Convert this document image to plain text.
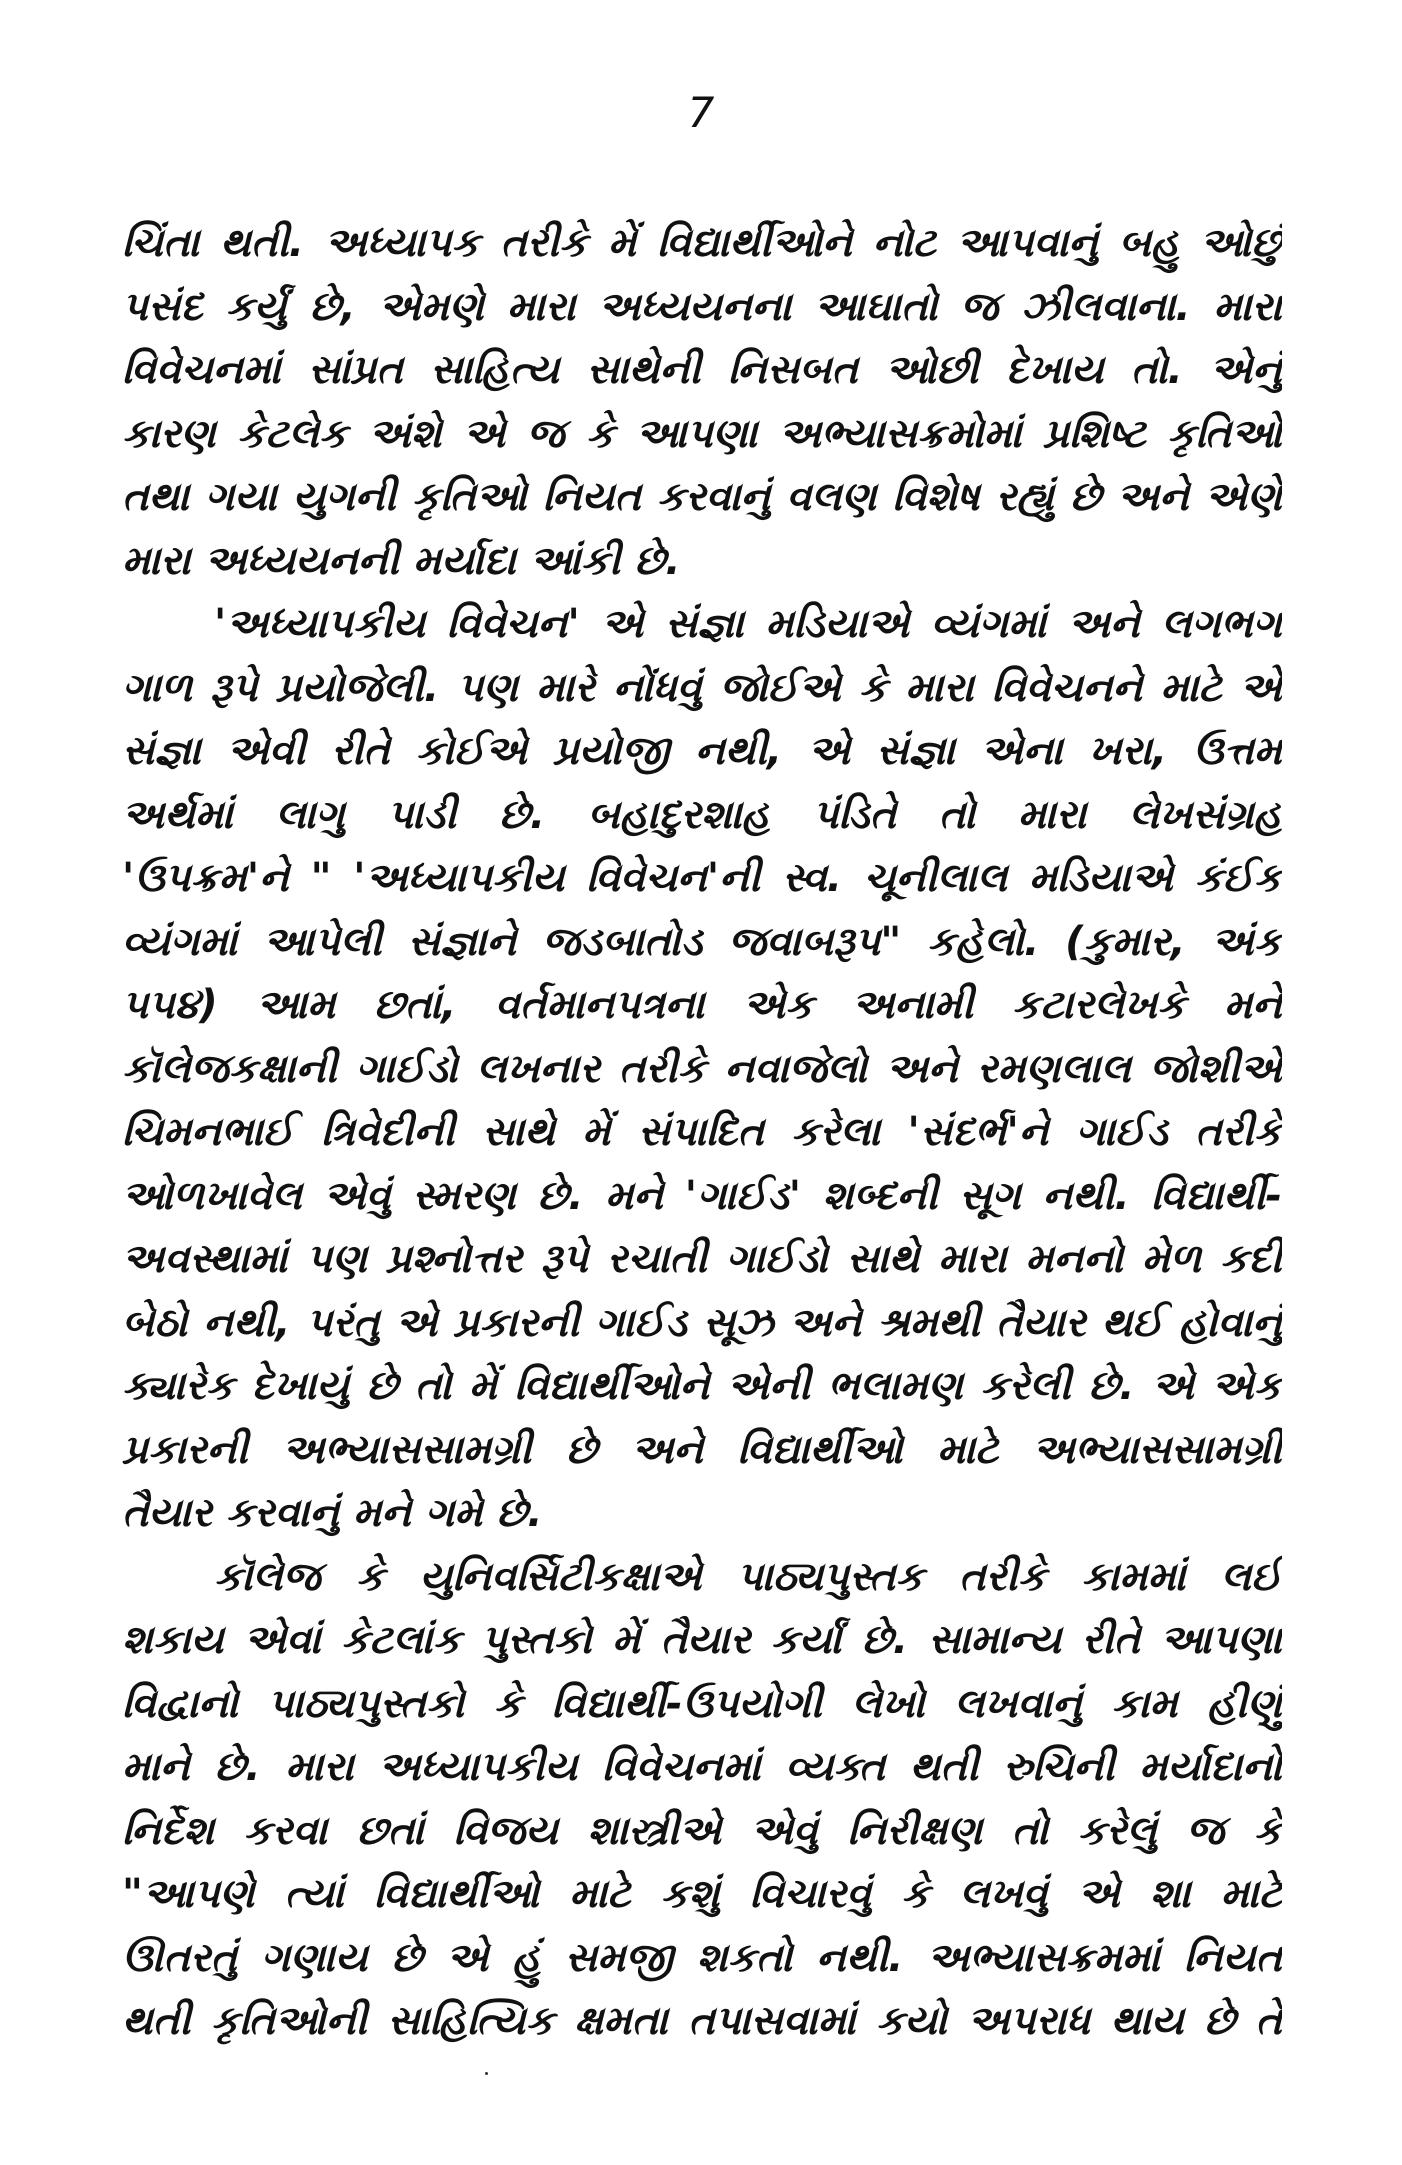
7
ચિંતા થતી. અધ્યાપક તરીકે મેં વિદ્યાર્થીઓને નોટ આપવાનું બહુ ઓછું
પસંદ કર્યું છે, એમણે મારા અધ્યયનના આઘાતો જ ઝીલવાના. મારા
વિવેચનમાં સાંપ્રત સાહિત્ય સાથેની નિસબત ઓછી દેખાય તો. એનું
કારણ કેટલેક અંશે એ જ કે આપણા અભ્યાસક્રમોમાં પ્રશિષ્ટ કૃતિઓ
તથા ગયા યુગની કૃતિઓ નિયત કરવાનું વલણ વિશેષ રહ્યું છે અને એણે
મારા અધ્યયનની મર્યાદા આંકી છે.
'અધ્યાપકીય વિવેચન' એ સંજ્ઞા મડિયાએ વ્યંગમાં અને લગભગ
ગાળ રૂપે પ્રયોજેલી. પણ મારે નોંધવું જોઈએ કે મારા વિવેચનને માટે એ
સંજ્ઞા એવી રીતે કોઈએ પ્રયોજી નથી, એ સંજ્ઞા એના ખરા, ઉત્તમ
અર્થમાં લાગુ પાડી છે. બહાદુરશાહ પંડિતે તો મારા લેખસંગ્રહ
'ઉપક્રમ'ને " 'અધ્યાપકીય વિવેચન'ની સ્વ. ચૂનીલાલ મડિયાએ કંઈક
વ્યંગમાં આપેલી સંજ્ઞાને જડબાતોડ જવાબરૂપ" કહેલો. (કુમાર, અંક
૫૫૪) આમ છતાં, વર્તમાનપત્રના એક અનામી કટારલેખકે મને
કૉલેજકક્ષાની ગાઈડો લખનાર તરીકે નવાજેલો અને રમણલાલ જોશીએ
ચિમનભાઈ ત્રિવેદીની સાથે મેં સંપાદિત કરેલા 'સંદર્ભ'ને ગાઈડ તરીકે
ઓળખાવેલ એવું સ્મરણ છે. મને 'ગાઈડ' શબ્દની સૂગ નથી. વિદ્યાર્થી-
અવસ્થામાં પણ પ્રશ્નોત્તર રૂપે રચાતી ગાઈડો સાથે મારા મનનો મેળ કદી
બેઠો નથી, પરંતુ એ પ્રકારની ગાઈડ સૂઝ અને શ્રમથી તૈયાર થઈ હોવાનું
ક્યારેક દેખાયું છે તો મેં વિદ્યાર્થીઓને એની ભલામણ કરેલી છે. એ એક
પ્રકારની અભ્યાસસામગ્રી છે અને વિદ્યાર્થીઓ માટે અભ્યાસસામગ્રી
તૈયાર કરવાનું મને ગમે છે.
કૉલેજ કે યુનિવર્સિટીકક્ષાએ પાઠ્યપુસ્તક તરીકે કામમાં લઈ
શકાય એવાં કેટલાંક પુસ્તકો મેં તૈયાર કર્યાં છે. સામાન્ય રીતે આપણા
વિદ્વાનો પાઠ્યપુસ્તકો કે વિદ્યાર્થી-ઉપયોગી લેખો લખવાનું કામ હીણું
માને છે. મારા અધ્યાપકીય વિવેચનમાં વ્યક્ત થતી રુચિની મર્યાદાનો
નિર્દેશ કરવા છતાં વિજય શાસ્ત્રીએ એવું નિરીક્ષણ તો કરેલું જ કે
"આપણે ત્યાં વિદ્યાર્થીઓ માટે કશું વિચારવું કે લખવું એ શા માટે
ઊતરતું ગણાય છે એ હું સમજી શકતો નથી. અભ્યાસક્રમમાં નિયત
થતી કૃતિઓની સાહિત્યિક ક્ષમતા તપાસવામાં કયો અપરાધ થાય છે તે
